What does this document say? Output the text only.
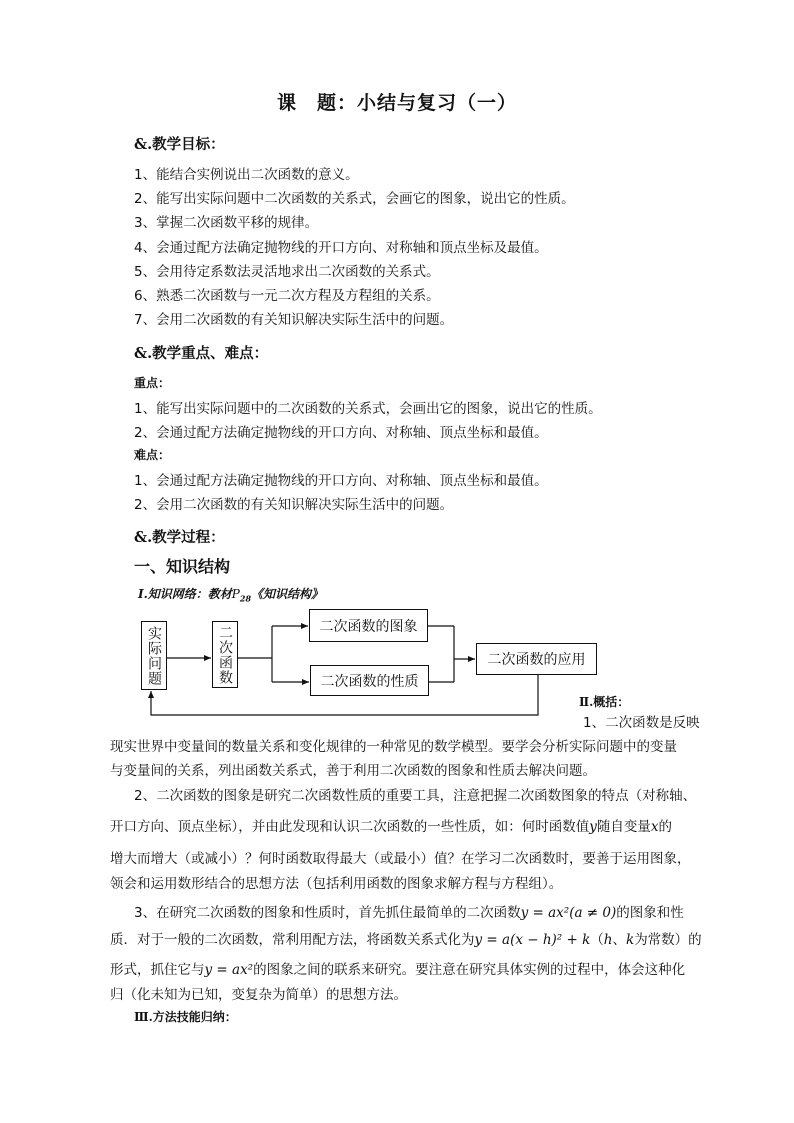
课　题：小结与复习（一）
&.教学目标：
1、能结合实例说出二次函数的意义。
2、能写出实际问题中二次函数的关系式，会画它的图象，说出它的性质。
3、掌握二次函数平移的规律。
4、会通过配方法确定抛物线的开口方向、对称轴和顶点坐标及最值。
5、会用待定系数法灵活地求出二次函数的关系式。
6、熟悉二次函数与一元二次方程及方程组的关系。
7、会用二次函数的有关知识解决实际生活中的问题。
&.教学重点、难点：
重点：
1、能写出实际问题中的二次函数的关系式，会画出它的图象，说出它的性质。
2、会通过配方法确定抛物线的开口方向、对称轴、顶点坐标和最值。
难点：
1、会通过配方法确定抛物线的开口方向、对称轴、顶点坐标和最值。
2、会用二次函数的有关知识解决实际生活中的问题。
&.教学过程：
一、知识结构
Ⅰ.知识网络：教材$P_{28}$《知识结构》
实际问题	二次函数	二次函数的图象
二次函数的性质
二次函数的应用
Ⅱ.概括：
1、二次函数是反映
现实世界中变量间的数量关系和变化规律的一种常见的数学模型。要学会分析实际问题中的变量
与变量间的关系，列出函数关系式，善于利用二次函数的图象和性质去解决问题。
2、二次函数的图象是研究二次函数性质的重要工具，注意把握二次函数图象的特点（对称轴、
开口方向、顶点坐标），并由此发现和认识二次函数的一些性质，如：何时函数值y随自变量x的
增大而增大（或减小）？何时函数取得最大（或最小）值？在学习二次函数时，要善于运用图象，
领会和运用数形结合的思想方法（包括利用函数的图象求解方程与方程组）。
3、在研究二次函数的图象和性质时，首先抓住最简单的二次函数y = ax²(a ≠ 0)的图象和性
质．对于一般的二次函数，常利用配方法，将函数关系式化为y = a(x − h)² + k（h、k为常数）的
形式，抓住它与y = ax²的图象之间的联系来研究。要注意在研究具体实例的过程中，体会这种化
归（化未知为已知，变复杂为简单）的思想方法。
Ⅲ.方法技能归纳：
